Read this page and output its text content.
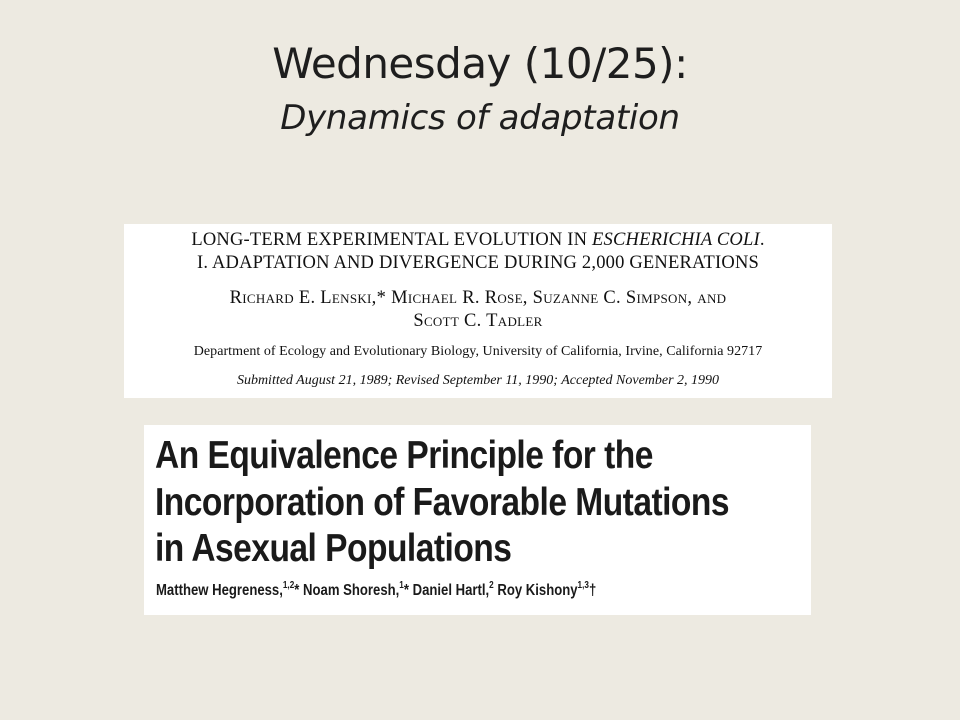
Wednesday (10/25):
Dynamics of adaptation
LONG-TERM EXPERIMENTAL EVOLUTION IN ESCHERICHIA COLI.
I. ADAPTATION AND DIVERGENCE DURING 2,000 GENERATIONS
Richard E. Lenski,* Michael R. Rose, Suzanne C. Simpson, and
Scott C. Tadler
Department of Ecology and Evolutionary Biology, University of California, Irvine, California 92717
Submitted August 21, 1989; Revised September 11, 1990; Accepted November 2, 1990
An Equivalence Principle for the
Incorporation of Favorable Mutations
in Asexual Populations
Matthew Hegreness,$^{1,2}$* Noam Shoresh,$^1$* Daniel Hartl,$^2$ Roy Kishony$^{1,3}$†
